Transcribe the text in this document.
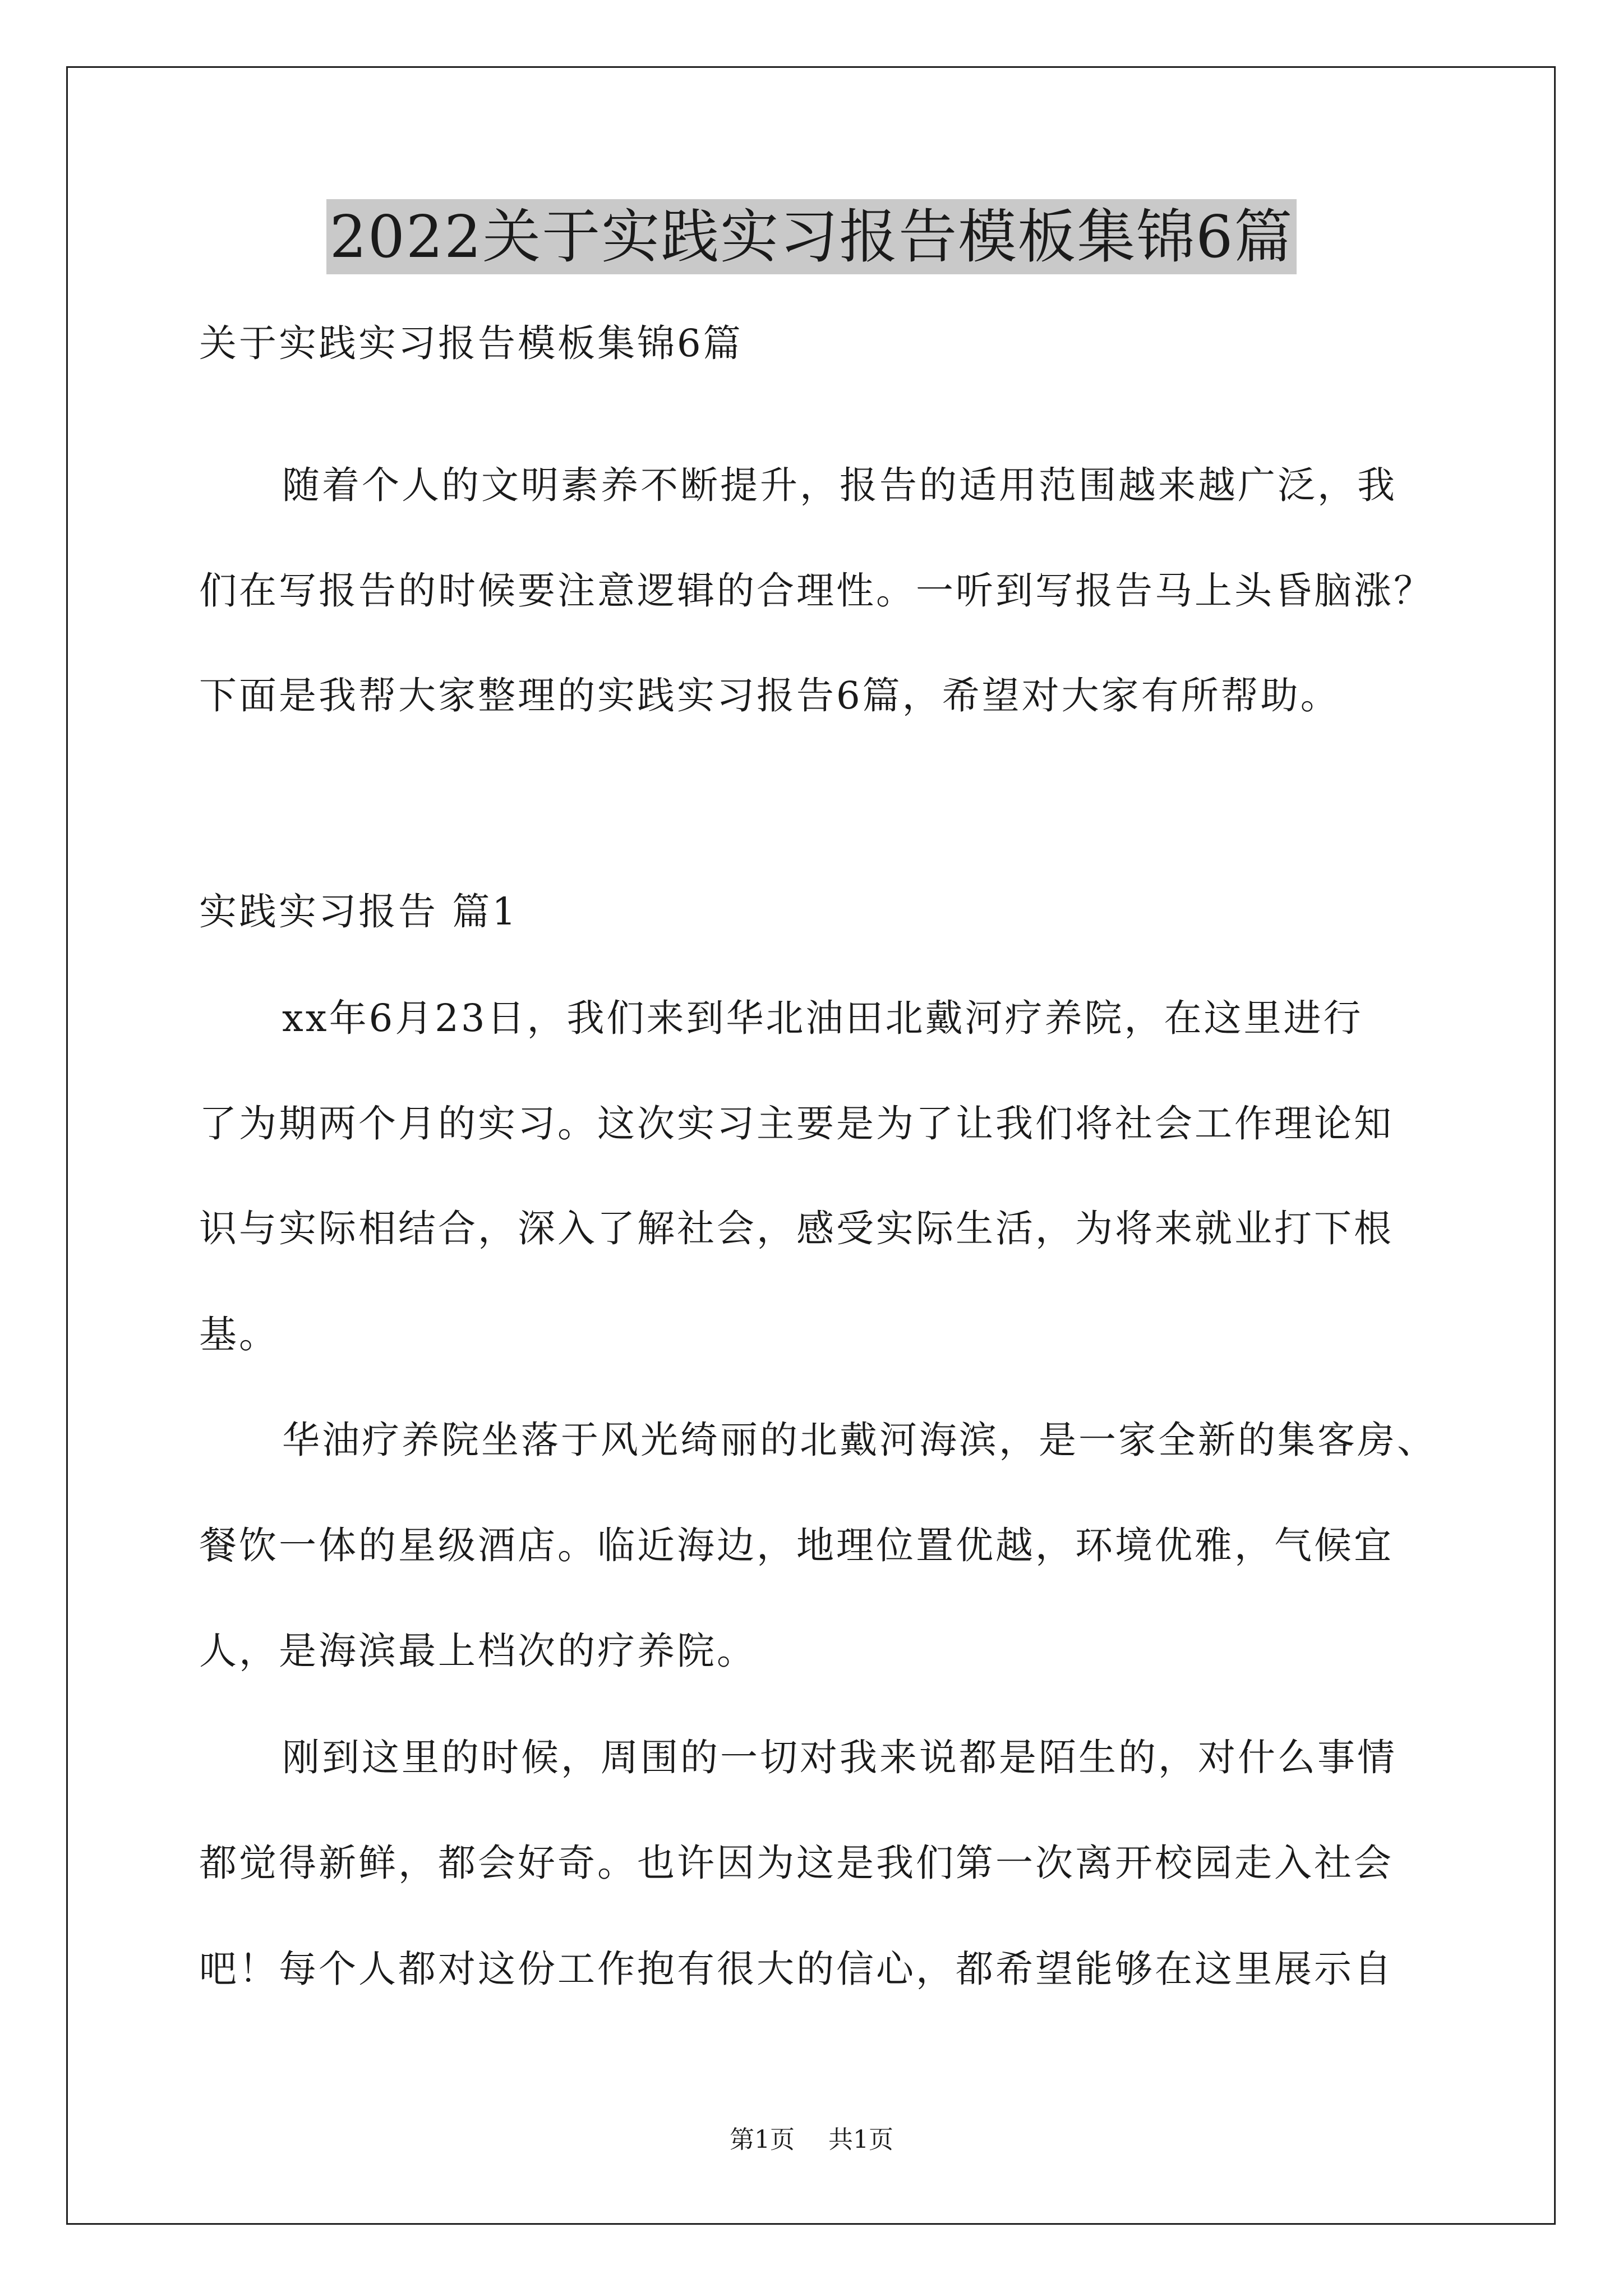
2022关于实践实习报告模板集锦6篇
关于实践实习报告模板集锦6篇
随着个人的文明素养不断提升，报告的适用范围越来越广泛，我
们在写报告的时候要注意逻辑的合理性。一听到写报告马上头昏脑涨？
下面是我帮大家整理的实践实习报告6篇，希望对大家有所帮助。
实践实习报告 篇1
xx年6月23日，我们来到华北油田北戴河疗养院，在这里进行
了为期两个月的实习。这次实习主要是为了让我们将社会工作理论知
识与实际相结合，深入了解社会，感受实际生活，为将来就业打下根
基。
华油疗养院坐落于风光绮丽的北戴河海滨，是一家全新的集客房、
餐饮一体的星级酒店。临近海边，地理位置优越，环境优雅，气候宜
人，是海滨最上档次的疗养院。
刚到这里的时候，周围的一切对我来说都是陌生的，对什么事情
都觉得新鲜，都会好奇。也许因为这是我们第一次离开校园走入社会
吧！每个人都对这份工作抱有很大的信心，都希望能够在这里展示自
第1页 共1页
